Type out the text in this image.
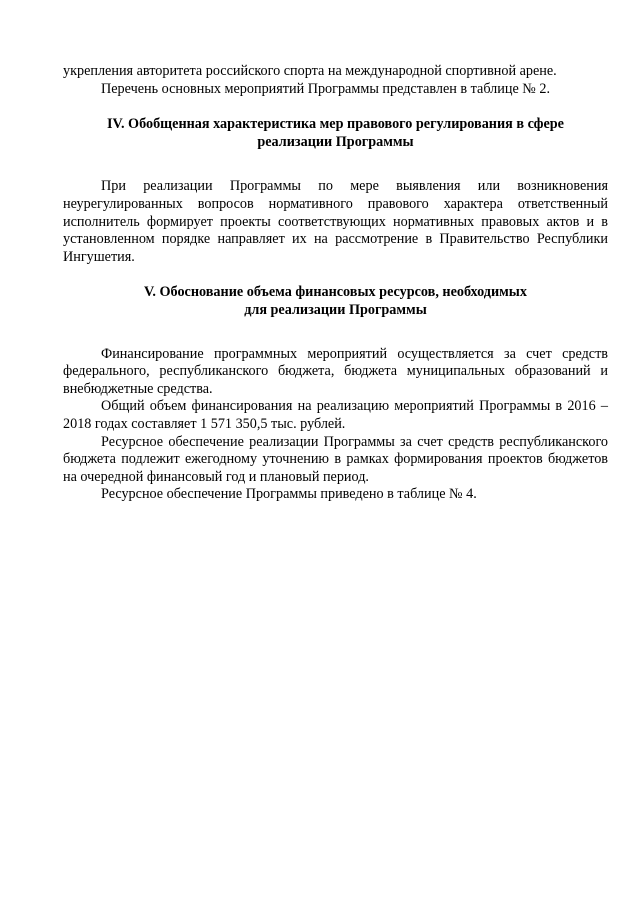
укрепления авторитета российского спорта на международной спортивной арене.

Перечень основных мероприятий Программы представлен в таблице № 2.

IV. Обобщенная характеристика мер правового регулирования в сфере
реализации Программы

При реализации Программы по мере выявления или возникновения неурегулированных вопросов нормативного правового характера ответственный исполнитель формирует проекты соответствующих нормативных правовых актов и в установленном порядке направляет их на рассмотрение в Правительство Республики Ингушетия.

V. Обоснование объема финансовых ресурсов, необходимых
для реализации Программы

Финансирование программных мероприятий осуществляется за счет средств федерального, республиканского бюджета, бюджета муниципальных образований и внебюджетные средства.

Общий объем финансирования на реализацию мероприятий Программы в 2016 – 2018 годах составляет 1 571 350,5 тыс. рублей.

Ресурсное обеспечение реализации Программы за счет средств республиканского бюджета подлежит ежегодному уточнению в рамках формирования проектов бюджетов на очередной финансовый год и плановый период.

Ресурсное обеспечение Программы приведено в таблице № 4.
